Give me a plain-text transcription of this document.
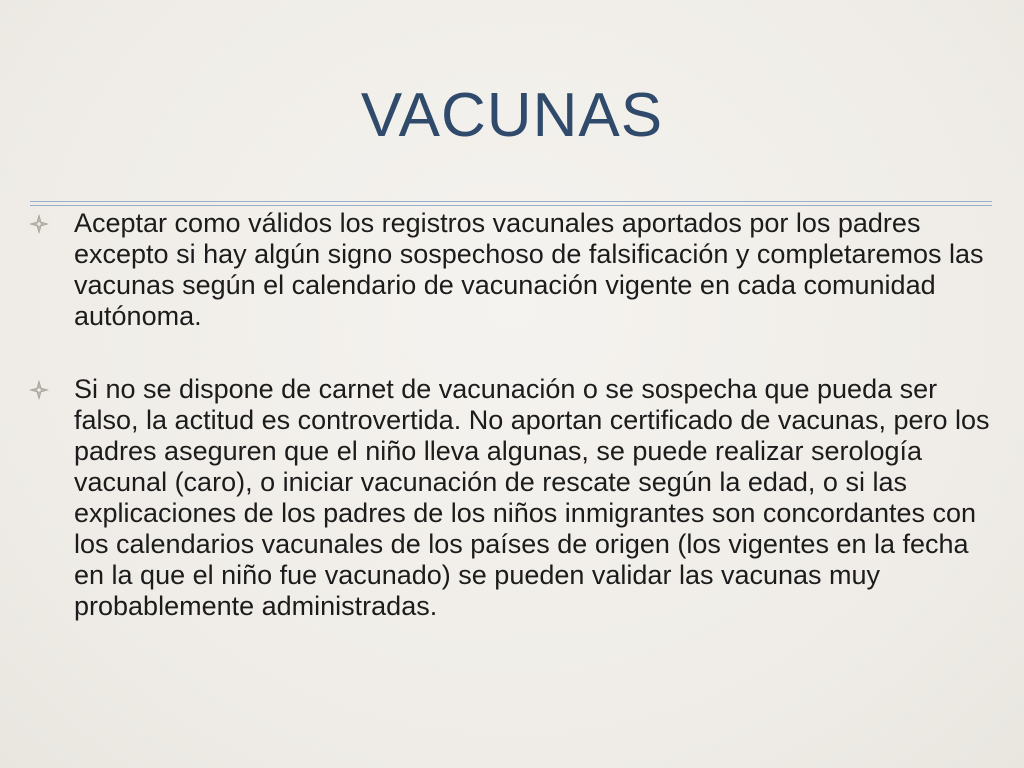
VACUNAS
Aceptar como válidos los registros vacunales aportados por los padres excepto si hay algún signo sospechoso de falsificación y completaremos las vacunas según el calendario de vacunación vigente en cada comunidad autónoma.
Si no se dispone de carnet de vacunación o se sospecha que pueda ser falso, la actitud es controvertida. No aportan certificado de vacunas, pero los padres aseguren que el niño lleva algunas, se puede realizar serología vacunal (caro), o iniciar vacunación de rescate según la edad, o si las explicaciones de los padres de los niños inmigrantes son concordantes con los calendarios vacunales de los países de origen (los vigentes en la fecha en la que el niño fue vacunado) se pueden validar las vacunas muy probablemente administradas.
